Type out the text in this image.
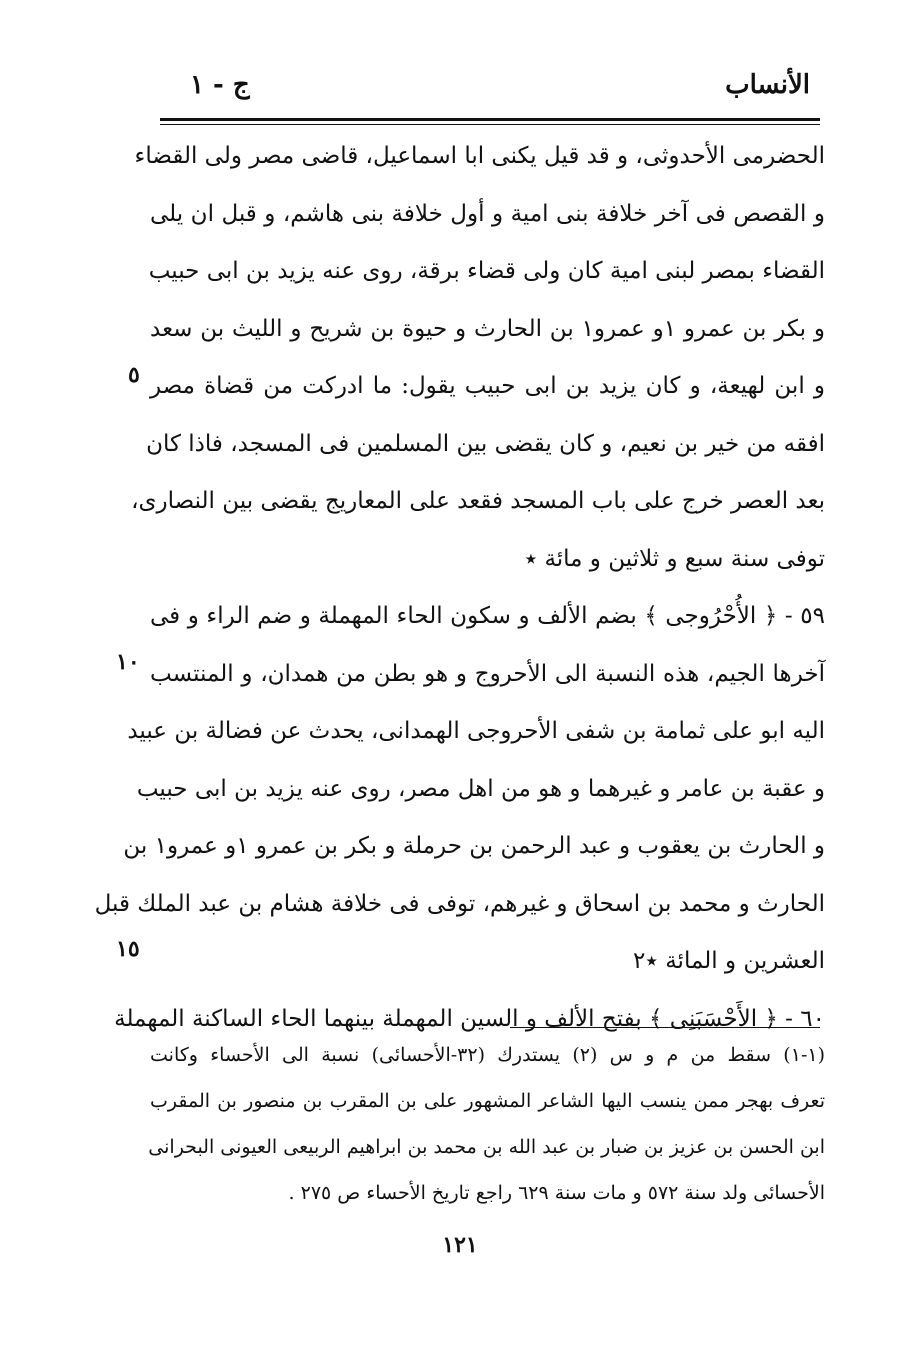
الأنساب
ج - ١
الحضرمی الأحدوثی، و قد قیل یکنی ابا اسماعیل، قاضی مصر ولی القضاء
و القصص فی آخر خلافة بنی امیة و أول خلافة بنی هاشم، و قبل ان یلی
القضاء بمصر لبنی امیة کان ولی قضاء برقة، روی عنه یزید بن ابی حبیب
و بکر بن عمرو ١و عمرو١ بن الحارث و حیوة بن شریح و اللیث بن سعد
و ابن لهیعة، و کان یزید بن ابی حبیب یقول: ما ادرکت من قضاة مصر
افقه من خیر بن نعیم، و کان یقضی بین المسلمین فی المسجد، فاذا کان
بعد العصر خرج علی باب المسجد فقعد علی المعاریج یقضی بین النصاری،
توفی سنة سبع و ثلاثین و مائة ٭
٥٩ - ﴿ الأُحْرُوجی ﴾ بضم الألف و سکون الحاء المهملة و ضم الراء و فی
آخرها الجیم، هذه النسبة الی الأحروج و هو بطن من همدان، و المنتسب
الیه ابو علی ثمامة بن شفی الأحروجی الهمدانی، یحدث عن فضالة بن عبید
و عقبة بن عامر و غیرهما و هو من اهل مصر، روی عنه یزید بن ابی حبیب
و الحارث بن یعقوب و عبد الرحمن بن حرملة و بکر بن عمرو ١و عمرو١ بن
الحارث و محمد بن اسحاق و غیرهم، توفی فی خلافة هشام بن عبد الملك قبل
العشرین و المائة ٭٢
٦٠ - ﴿ الأَحْسَبَنِی ﴾ بفتح الألف و السین المهملة بینهما الحاء الساکنة المهملة
٥
١٠
١٥
(١-١) سقط من م و س (٢) یستدرك (٣٢-الأحسائی) نسبة الی الأحساء وکانت
تعرف بهجر ممن ینسب الیها الشاعر المشهور علی بن المقرب بن منصور بن المقرب
ابن الحسن بن عزیز بن ضبار بن عبد الله بن محمد بن ابراهیم الربیعی العیونی البحرانی
الأحسائی ولد سنة ٥٧٢ و مات سنة ٦٢٩ راجع تاریخ الأحساء ص ٢٧٥ .
١٢١
